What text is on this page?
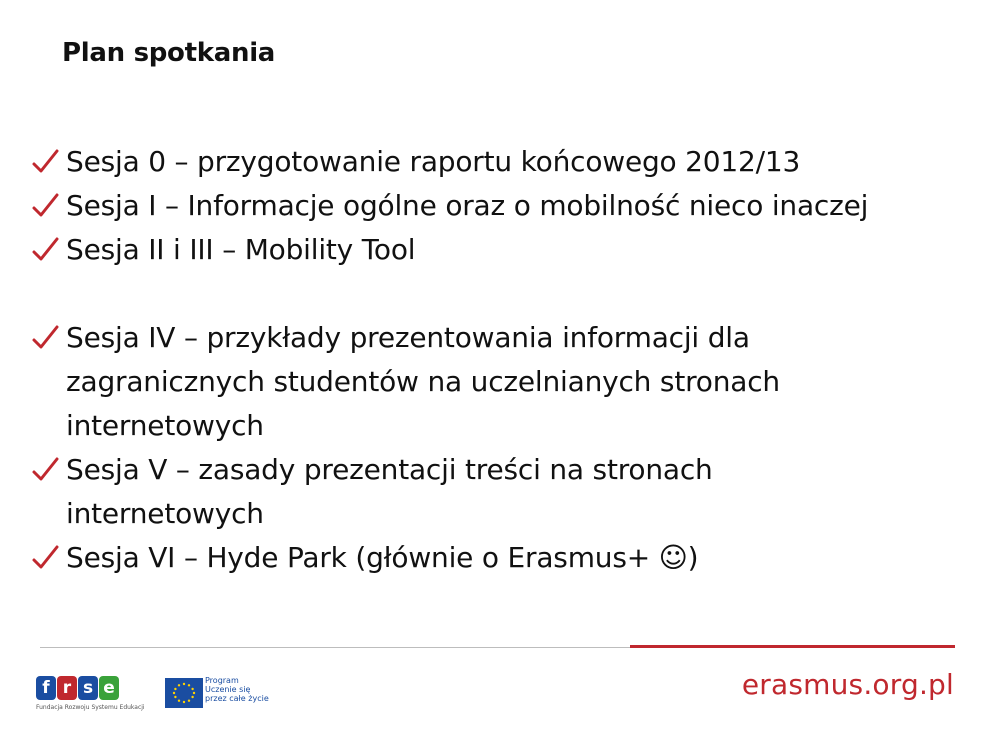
Plan spotkania
Sesja 0 – przygotowanie raportu końcowego 2012/13
Sesja I – Informacje ogólne oraz o mobilność nieco inaczej
Sesja II i III – Mobility Tool
Sesja IV – przykłady prezentowania informacji dla
zagranicznych studentów na uczelnianych stronach
internetowych
Sesja V – zasady prezentacji treści na stronach
internetowych
Sesja VI – Hyde Park (głównie o Erasmus+ ☺)
f r s e
Fundacja Rozwoju Systemu Edukacji
Program
Uczenie się
przez całe życie	erasmus.org.pl
